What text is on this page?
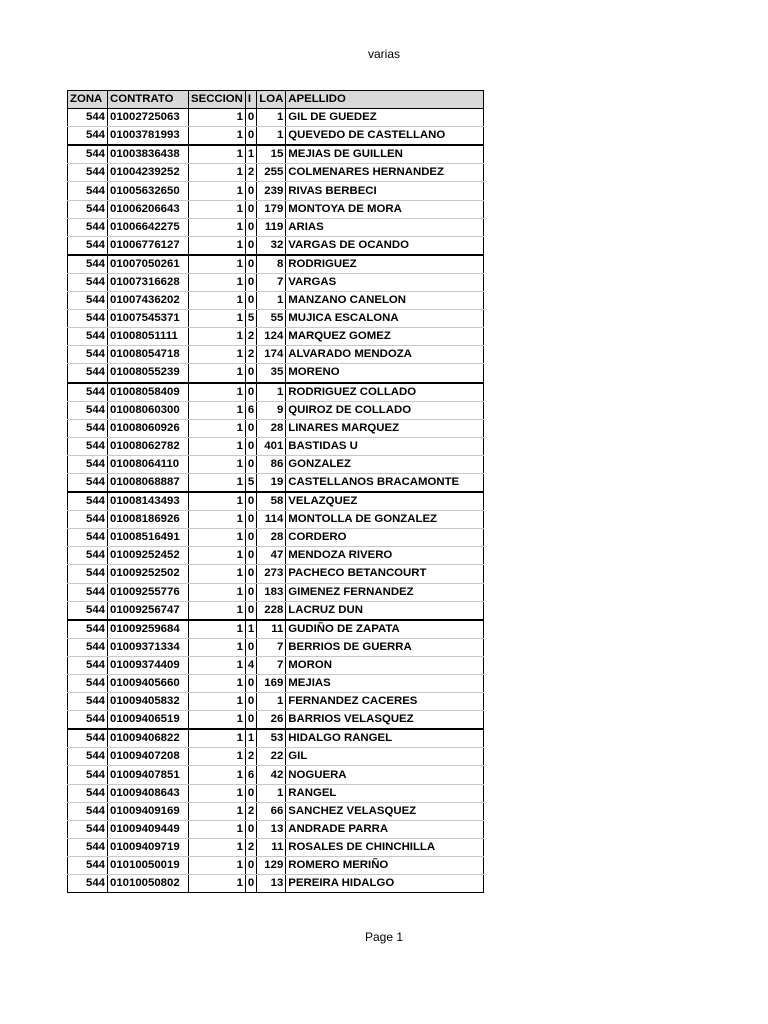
varias
ZONA	CONTRATO	SECCION	I	LOA	APELLIDO
544	01002725063	1	0	1	GIL DE GUEDEZ
544	01003781993	1	0	1	QUEVEDO DE CASTELLANO
544	01003836438	1	1	15	MEJIAS DE GUILLEN
544	01004239252	1	2	255	COLMENARES HERNANDEZ
544	01005632650	1	0	239	RIVAS BERBECI
544	01006206643	1	0	179	MONTOYA DE MORA
544	01006642275	1	0	119	ARIAS
544	01006776127	1	0	32	VARGAS DE OCANDO
544	01007050261	1	0	8	RODRIGUEZ
544	01007316628	1	0	7	VARGAS
544	01007436202	1	0	1	MANZANO CANELON
544	01007545371	1	5	55	MUJICA ESCALONA
544	01008051111	1	2	124	MARQUEZ GOMEZ
544	01008054718	1	2	174	ALVARADO MENDOZA
544	01008055239	1	0	35	MORENO
544	01008058409	1	0	1	RODRIGUEZ COLLADO
544	01008060300	1	6	9	QUIROZ DE COLLADO
544	01008060926	1	0	28	LINARES MARQUEZ
544	01008062782	1	0	401	BASTIDAS U
544	01008064110	1	0	86	GONZALEZ
544	01008068887	1	5	19	CASTELLANOS BRACAMONTE
544	01008143493	1	0	58	VELAZQUEZ
544	01008186926	1	0	114	MONTOLLA DE GONZALEZ
544	01008516491	1	0	28	CORDERO
544	01009252452	1	0	47	MENDOZA RIVERO
544	01009252502	1	0	273	PACHECO BETANCOURT
544	01009255776	1	0	183	GIMENEZ FERNANDEZ
544	01009256747	1	0	228	LACRUZ DUN
544	01009259684	1	1	11	GUDIÑO DE ZAPATA
544	01009371334	1	0	7	BERRIOS DE GUERRA
544	01009374409	1	4	7	MORON
544	01009405660	1	0	169	MEJIAS
544	01009405832	1	0	1	FERNANDEZ CACERES
544	01009406519	1	0	26	BARRIOS VELASQUEZ
544	01009406822	1	1	53	HIDALGO RANGEL
544	01009407208	1	2	22	GIL
544	01009407851	1	6	42	NOGUERA
544	01009408643	1	0	1	RANGEL
544	01009409169	1	2	66	SANCHEZ VELASQUEZ
544	01009409449	1	0	13	ANDRADE PARRA
544	01009409719	1	2	11	ROSALES DE CHINCHILLA
544	01010050019	1	0	129	ROMERO MERIÑO
544	01010050802	1	0	13	PEREIRA HIDALGO
Page 1
